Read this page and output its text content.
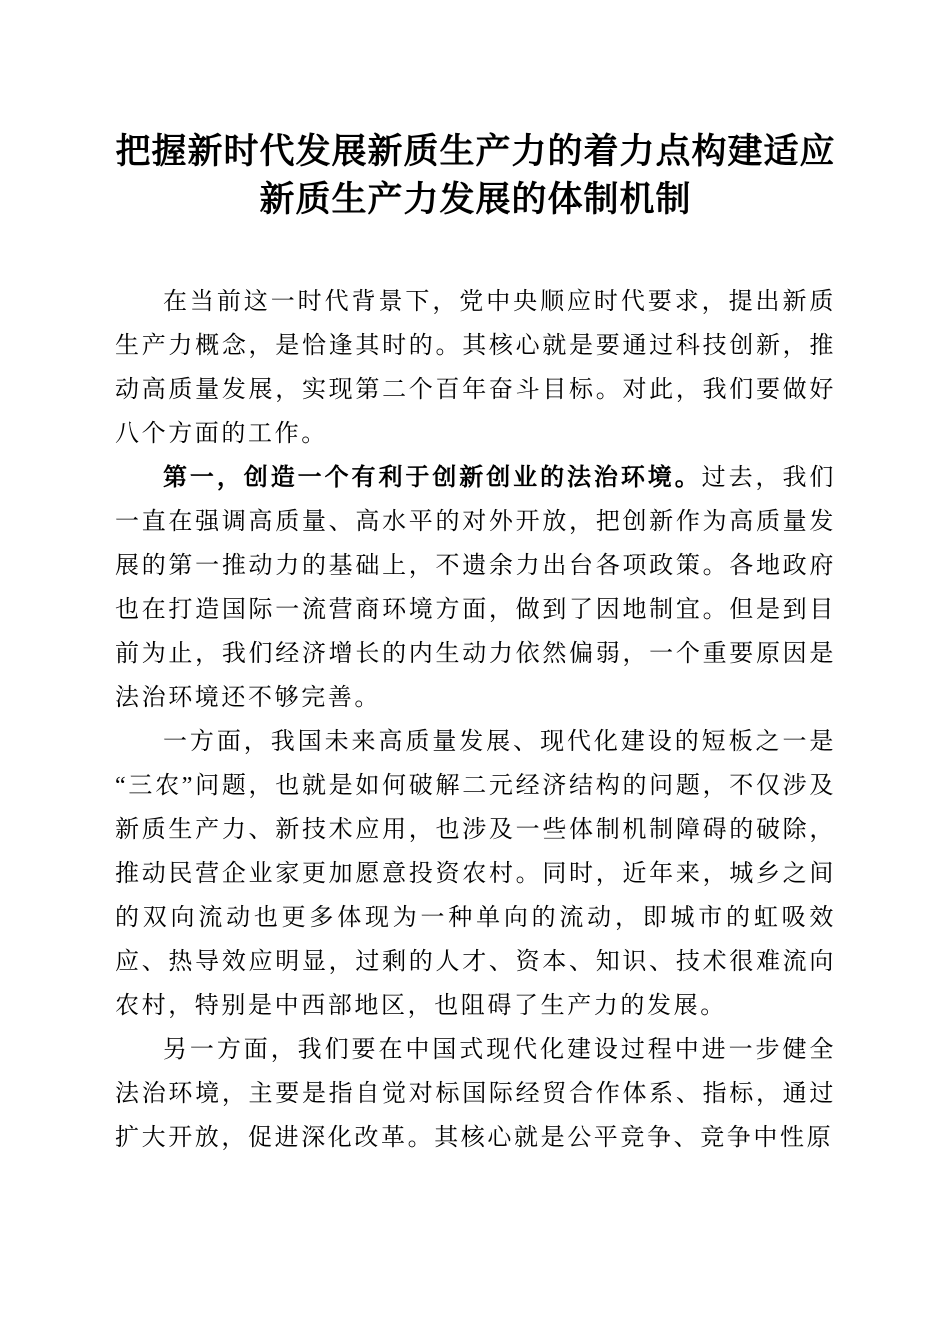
把握新时代发展新质生产力的着力点构建适应新质生产力发展的体制机制

在当前这一时代背景下，党中央顺应时代要求，提出新质生产力概念，是恰逢其时的。其核心就是要通过科技创新，推动高质量发展，实现第二个百年奋斗目标。对此，我们要做好八个方面的工作。

第一，创造一个有利于创新创业的法治环境。过去，我们一直在强调高质量、高水平的对外开放，把创新作为高质量发展的第一推动力的基础上，不遗余力出台各项政策。各地政府也在打造国际一流营商环境方面，做到了因地制宜。但是到目前为止，我们经济增长的内生动力依然偏弱，一个重要原因是法治环境还不够完善。

一方面，我国未来高质量发展、现代化建设的短板之一是“三农”问题，也就是如何破解二元经济结构的问题，不仅涉及新质生产力、新技术应用，也涉及一些体制机制障碍的破除，推动民营企业家更加愿意投资农村。同时，近年来，城乡之间的双向流动也更多体现为一种单向的流动，即城市的虹吸效应、热导效应明显，过剩的人才、资本、知识、技术很难流向农村，特别是中西部地区，也阻碍了生产力的发展。

另一方面，我们要在中国式现代化建设过程中进一步健全法治环境，主要是指自觉对标国际经贸合作体系、指标，通过扩大开放，促进深化改革。其核心就是公平竞争、竞争中性原
